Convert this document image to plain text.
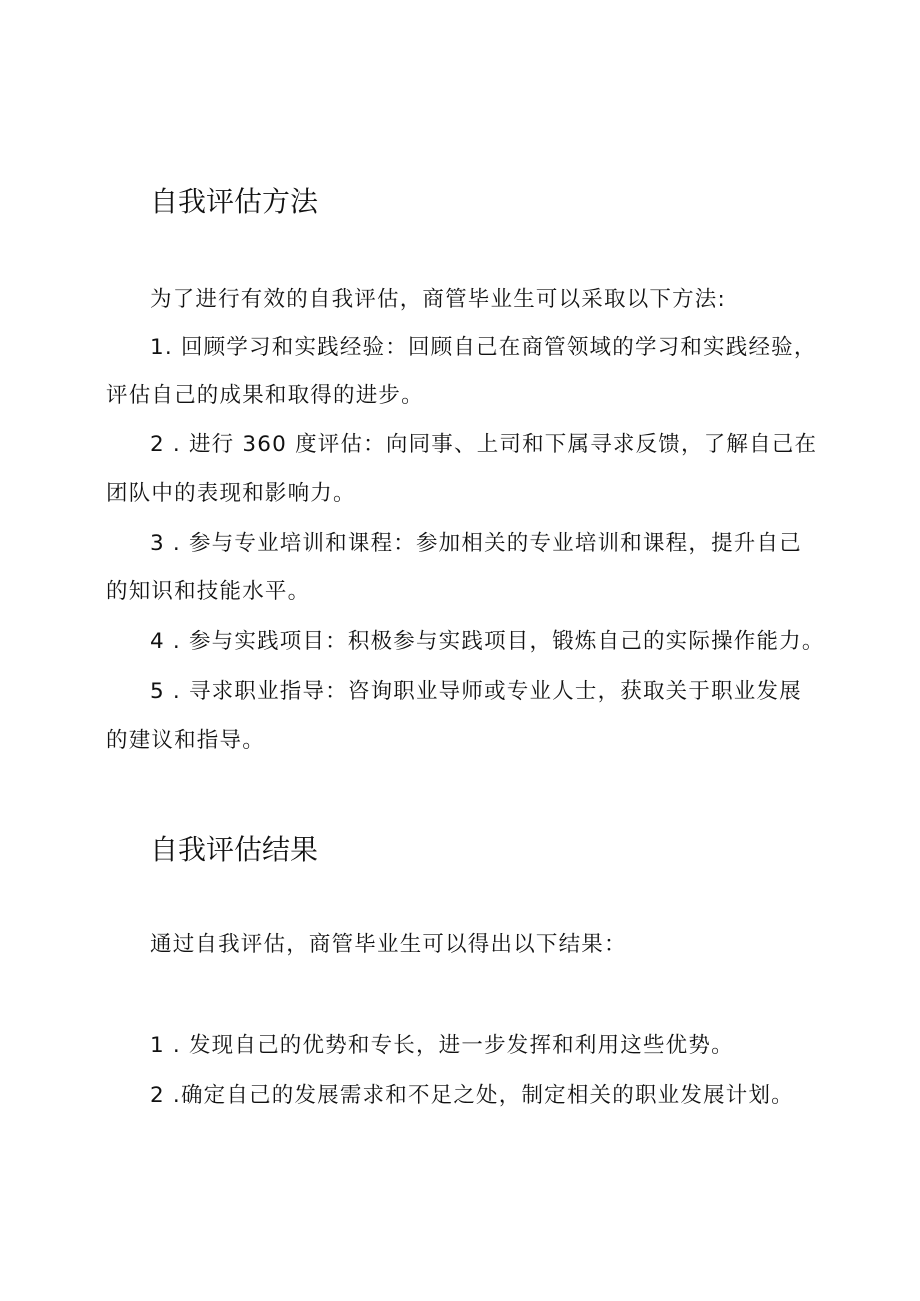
自我评估方法

为了进行有效的自我评估，商管毕业生可以采取以下方法:

1. 回顾学习和实践经验：回顾自己在商管领域的学习和实践经验，

评估自己的成果和取得的进步。

2 . 进行 360 度评估：向同事、上司和下属寻求反馈，了解自己在

团队中的表现和影响力。

3 . 参与专业培训和课程：参加相关的专业培训和课程，提升自己

的知识和技能水平。

4 . 参与实践项目：积极参与实践项目，锻炼自己的实际操作能力。

5 . 寻求职业指导：咨询职业导师或专业人士，获取关于职业发展

的建议和指导。

自我评估结果

通过自我评估，商管毕业生可以得出以下结果：

1 . 发现自己的优势和专长，进一步发挥和利用这些优势。

2 .确定自己的发展需求和不足之处，制定相关的职业发展计划。
